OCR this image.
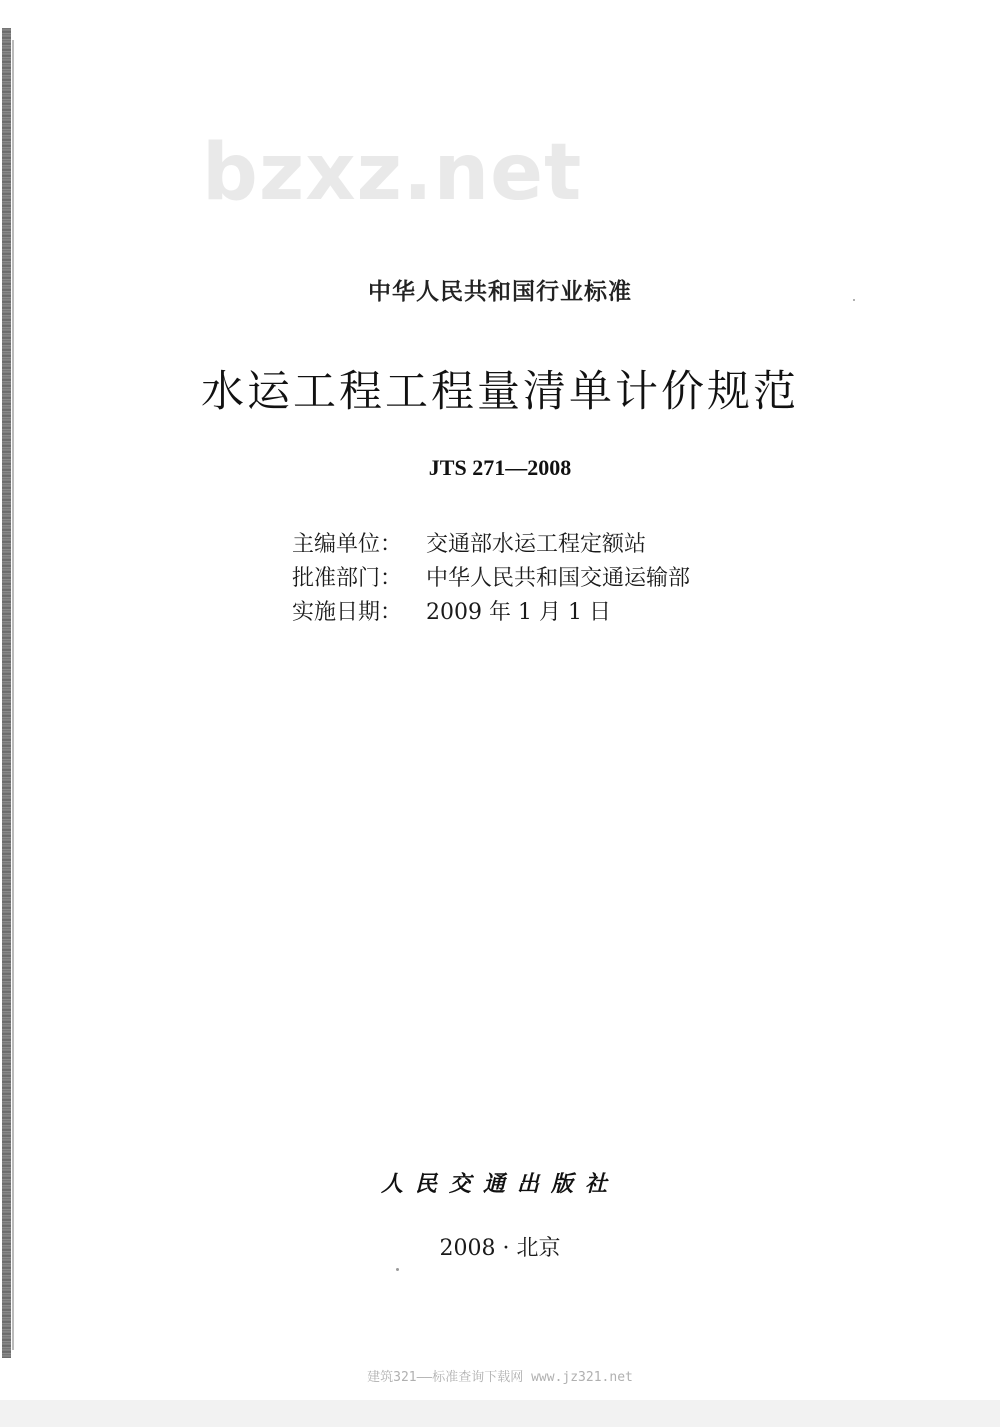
bzxz.net
中华人民共和国行业标准
水运工程工程量清单计价规范
JTS 271—2008
主编单位：	交通部水运工程定额站
批准部门：	中华人民共和国交通运输部
实施日期：	2009 年 1 月 1 日
人民交通出版社
2008 · 北京
建筑321——标准查询下载网 www.jz321.net
